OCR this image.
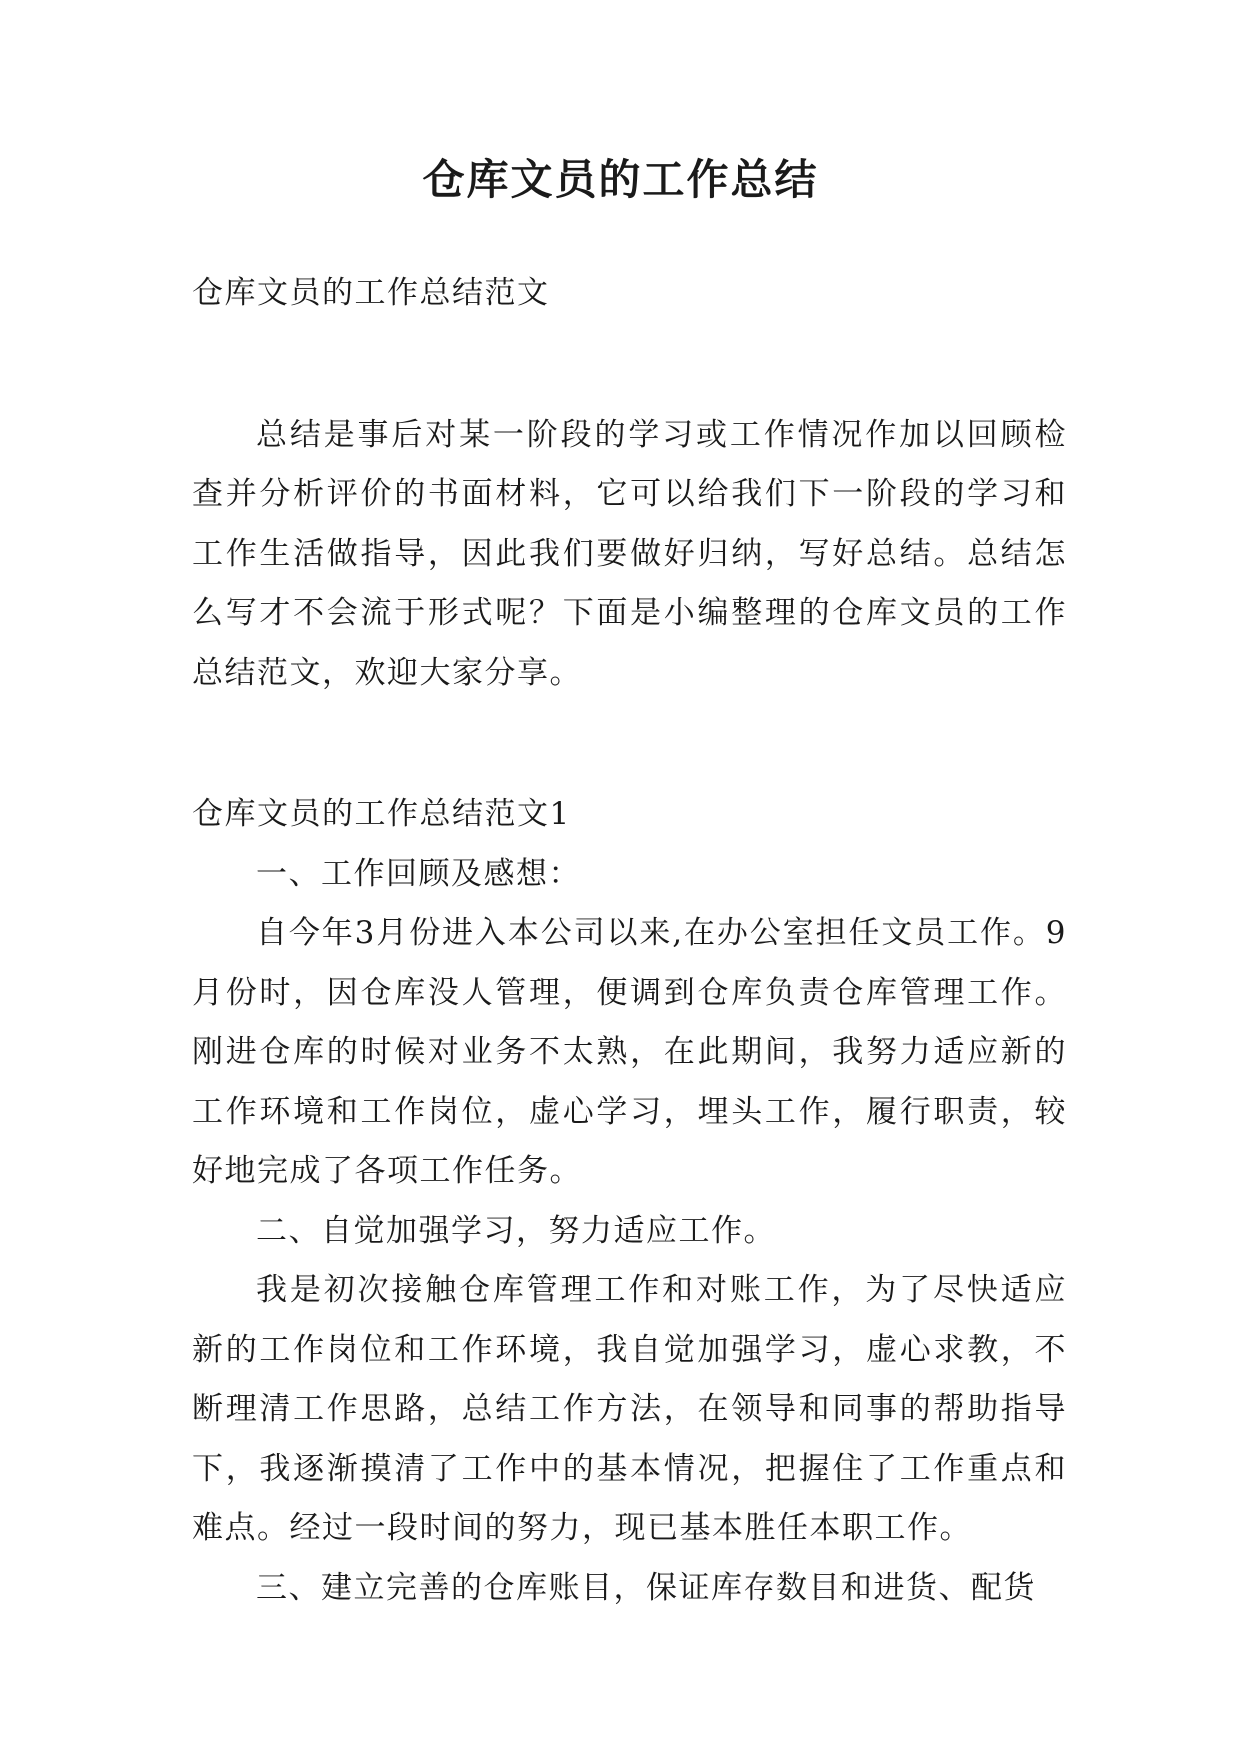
仓库文员的工作总结

仓库文员的工作总结范文

总结是事后对某一阶段的学习或工作情况作加以回顾检查并分析评价的书面材料，它可以给我们下一阶段的学习和工作生活做指导，因此我们要做好归纳，写好总结。总结怎么写才不会流于形式呢？下面是小编整理的仓库文员的工作总结范文，欢迎大家分享。

仓库文员的工作总结范文1

一、工作回顾及感想：

自今年3月份进入本公司以来,在办公室担任文员工作。9月份时，因仓库没人管理，便调到仓库负责仓库管理工作。刚进仓库的时候对业务不太熟，在此期间，我努力适应新的工作环境和工作岗位，虚心学习，埋头工作，履行职责，较好地完成了各项工作任务。

二、自觉加强学习，努力适应工作。

我是初次接触仓库管理工作和对账工作，为了尽快适应新的工作岗位和工作环境，我自觉加强学习，虚心求教，不断理清工作思路，总结工作方法，在领导和同事的帮助指导下，我逐渐摸清了工作中的基本情况，把握住了工作重点和难点。经过一段时间的努力，现已基本胜任本职工作。

三、建立完善的仓库账目，保证库存数目和进货、配货
